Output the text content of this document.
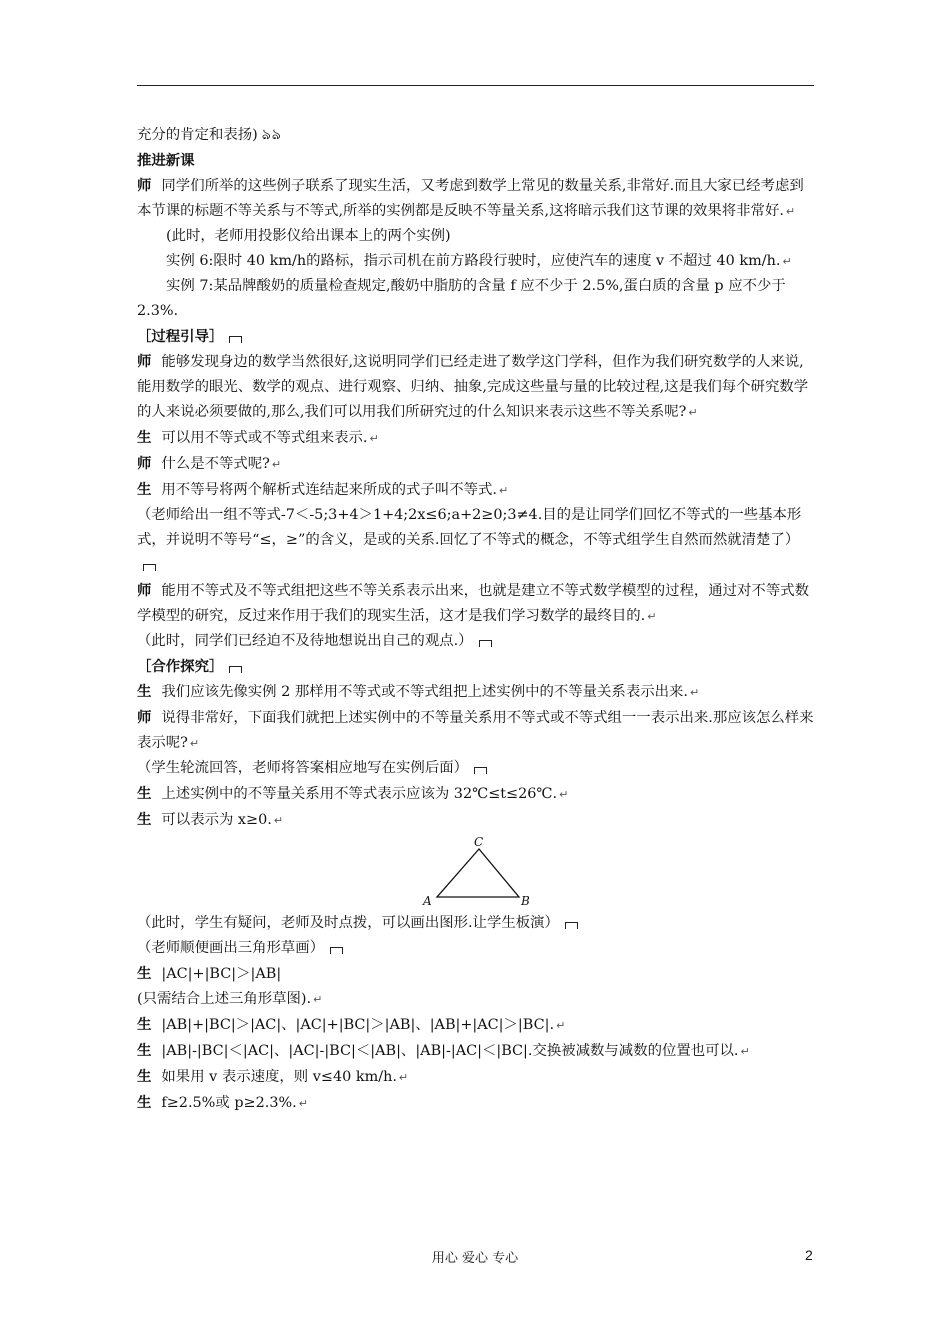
充分的肯定和表扬) ঌঌ

推进新课

师 同学们所举的这些例子联系了现实生活，又考虑到数学上常见的数量关系,非常好.而且大家已经考虑到本节课的标题不等关系与不等式,所举的实例都是反映不等量关系,这将暗示我们这节课的效果将非常好. ↵

(此时，老师用投影仪给出课本上的两个实例)

实例 6:限时 40 km/h的路标，指示司机在前方路段行驶时，应使汽车的速度 v 不超过 40 km/h. ↵

实例 7:某品牌酸奶的质量检查规定,酸奶中脂肪的含量 f 应不少于 2.5%,蛋白质的含量 p 应不少于 2.3%.

［过程引导］

师 能够发现身边的数学当然很好,这说明同学们已经走进了数学这门学科，但作为我们研究数学的人来说,能用数学的眼光、数学的观点、进行观察、归纳、抽象,完成这些量与量的比较过程,这是我们每个研究数学的人来说必须要做的,那么,我们可以用我们所研究过的什么知识来表示这些不等关系呢? ↵

生 可以用不等式或不等式组来表示. ↵

师 什么是不等式呢? ↵

生 用不等号将两个解析式连结起来所成的式子叫不等式. ↵

（老师给出一组不等式-7＜-5;3+4＞1+4;2x≤6;a+2≥0;3≠4.目的是让同学们回忆不等式的一些基本形式，并说明不等号“≤，≥”的含义，是或的关系.回忆了不等式的概念，不等式组学生自然而然就清楚了）

师 能用不等式及不等式组把这些不等关系表示出来，也就是建立不等式数学模型的过程，通过对不等式数学模型的研究，反过来作用于我们的现实生活，这才是我们学习数学的最终目的. ↵

（此时，同学们已经迫不及待地想说出自己的观点.）

［合作探究］

生 我们应该先像实例 2 那样用不等式或不等式组把上述实例中的不等量关系表示出来. ↵

师 说得非常好，下面我们就把上述实例中的不等量关系用不等式或不等式组一一表示出来.那应该怎么样来表示呢? ↵

（学生轮流回答，老师将答案相应地写在实例后面）

生 上述实例中的不等量关系用不等式表示应该为 32℃≤t≤26℃. ↵

生 可以表示为 x≥0. ↵

C
A	B

（此时，学生有疑问，老师及时点拨，可以画出图形.让学生板演）

（老师顺便画出三角形草画）

生 |AC|+|BC|＞|AB|

(只需结合上述三角形草图). ↵

生 |AB|+|BC|＞|AC|、|AC|+|BC|＞|AB|、|AB|+|AC|＞|BC|. ↵

生 |AB|-|BC|＜|AC|、|AC|-|BC|＜|AB|、|AB|-|AC|＜|BC|.交换被减数与减数的位置也可以. ↵

生 如果用 v 表示速度，则 v≤40 km/h. ↵

生 f≥2.5%或 p≥2.3%. ↵

用心 爱心 专心	2
